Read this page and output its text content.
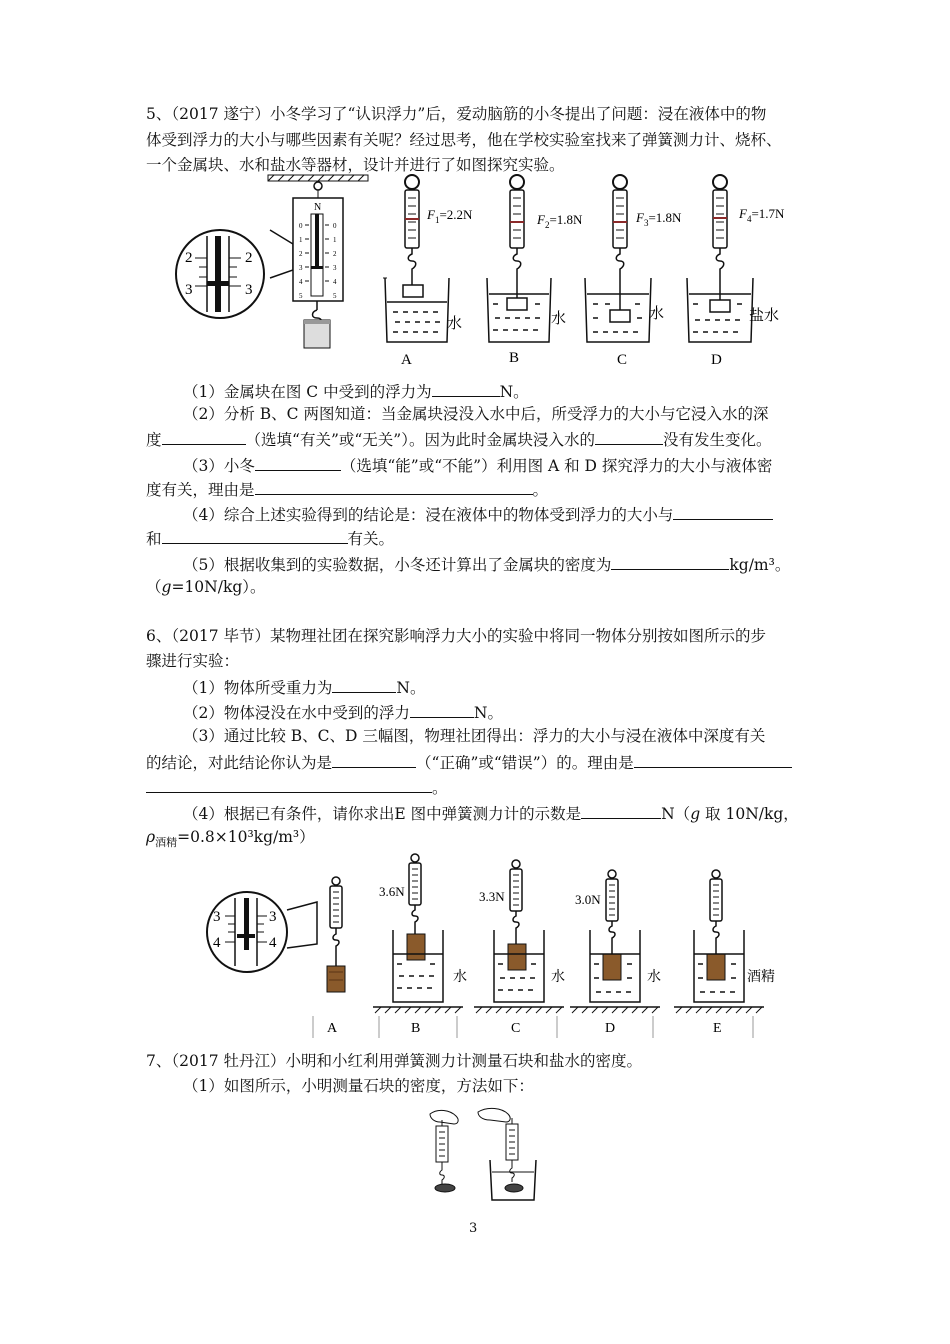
5、（2017 遂宁）小冬学习了“认识浮力”后，爱动脑筋的小冬提出了问题：浸在液体中的物
体受到浮力的大小与哪些因素有关呢？经过思考，他在学校实验室找来了弹簧测力计、烧杯、
一个金属块、水和盐水等器材，设计并进行了如图探究实验。
2	2
3	3
N
0
1
2
3
4
5
0
1
2
3
4
5
$F_1=2.2N$	$F_2=1.8N$	$F_3=1.8N$	$F_4=1.7N$
水	水	水	盐水
A	B	C	D
（1）金属块在图 C 中受到的浮力为	N。
（2）分析 B、C 两图知道：当金属块浸没入水中后，所受浮力的大小与它浸入水的深
度	（选填“有关”或“无关”）。因为此时金属块浸入水的	没有发生变化。
（3）小冬	（选填“能”或“不能”）利用图 A 和 D 探究浮力的大小与液体密
度有关，理由是	。
（4）综合上述实验得到的结论是：浸在液体中的物体受到浮力的大小与
和	有关。
（5）根据收集到的实验数据，小冬还计算出了金属块的密度为	kg/m³。
（g=10N/kg）。
6、（2017 毕节）某物理社团在探究影响浮力大小的实验中将同一物体分别按如图所示的步
骤进行实验：
（1）物体所受重力为	N。
（2）物体浸没在水中受到的浮力	N。
（3）通过比较 B、C、D 三幅图，物理社团得出：浮力的大小与浸在液体中深度有关
的结论，对此结论你认为是	（“正确”或“错误”）的。理由是
。
（4）根据已有条件，请你求出E 图中弹簧测力计的示数是	N（g 取 10N/kg，
$\rho_{酒精}=0.8\times 10^3kg/m^3$）
3	3
4	4
3.6N	3.3N	3.0N
水	水	水	酒精
A	B	C	D	E
7、（2017 牡丹江）小明和小红利用弹簧测力计测量石块和盐水的密度。
（1）如图所示，小明测量石块的密度，方法如下：
3
